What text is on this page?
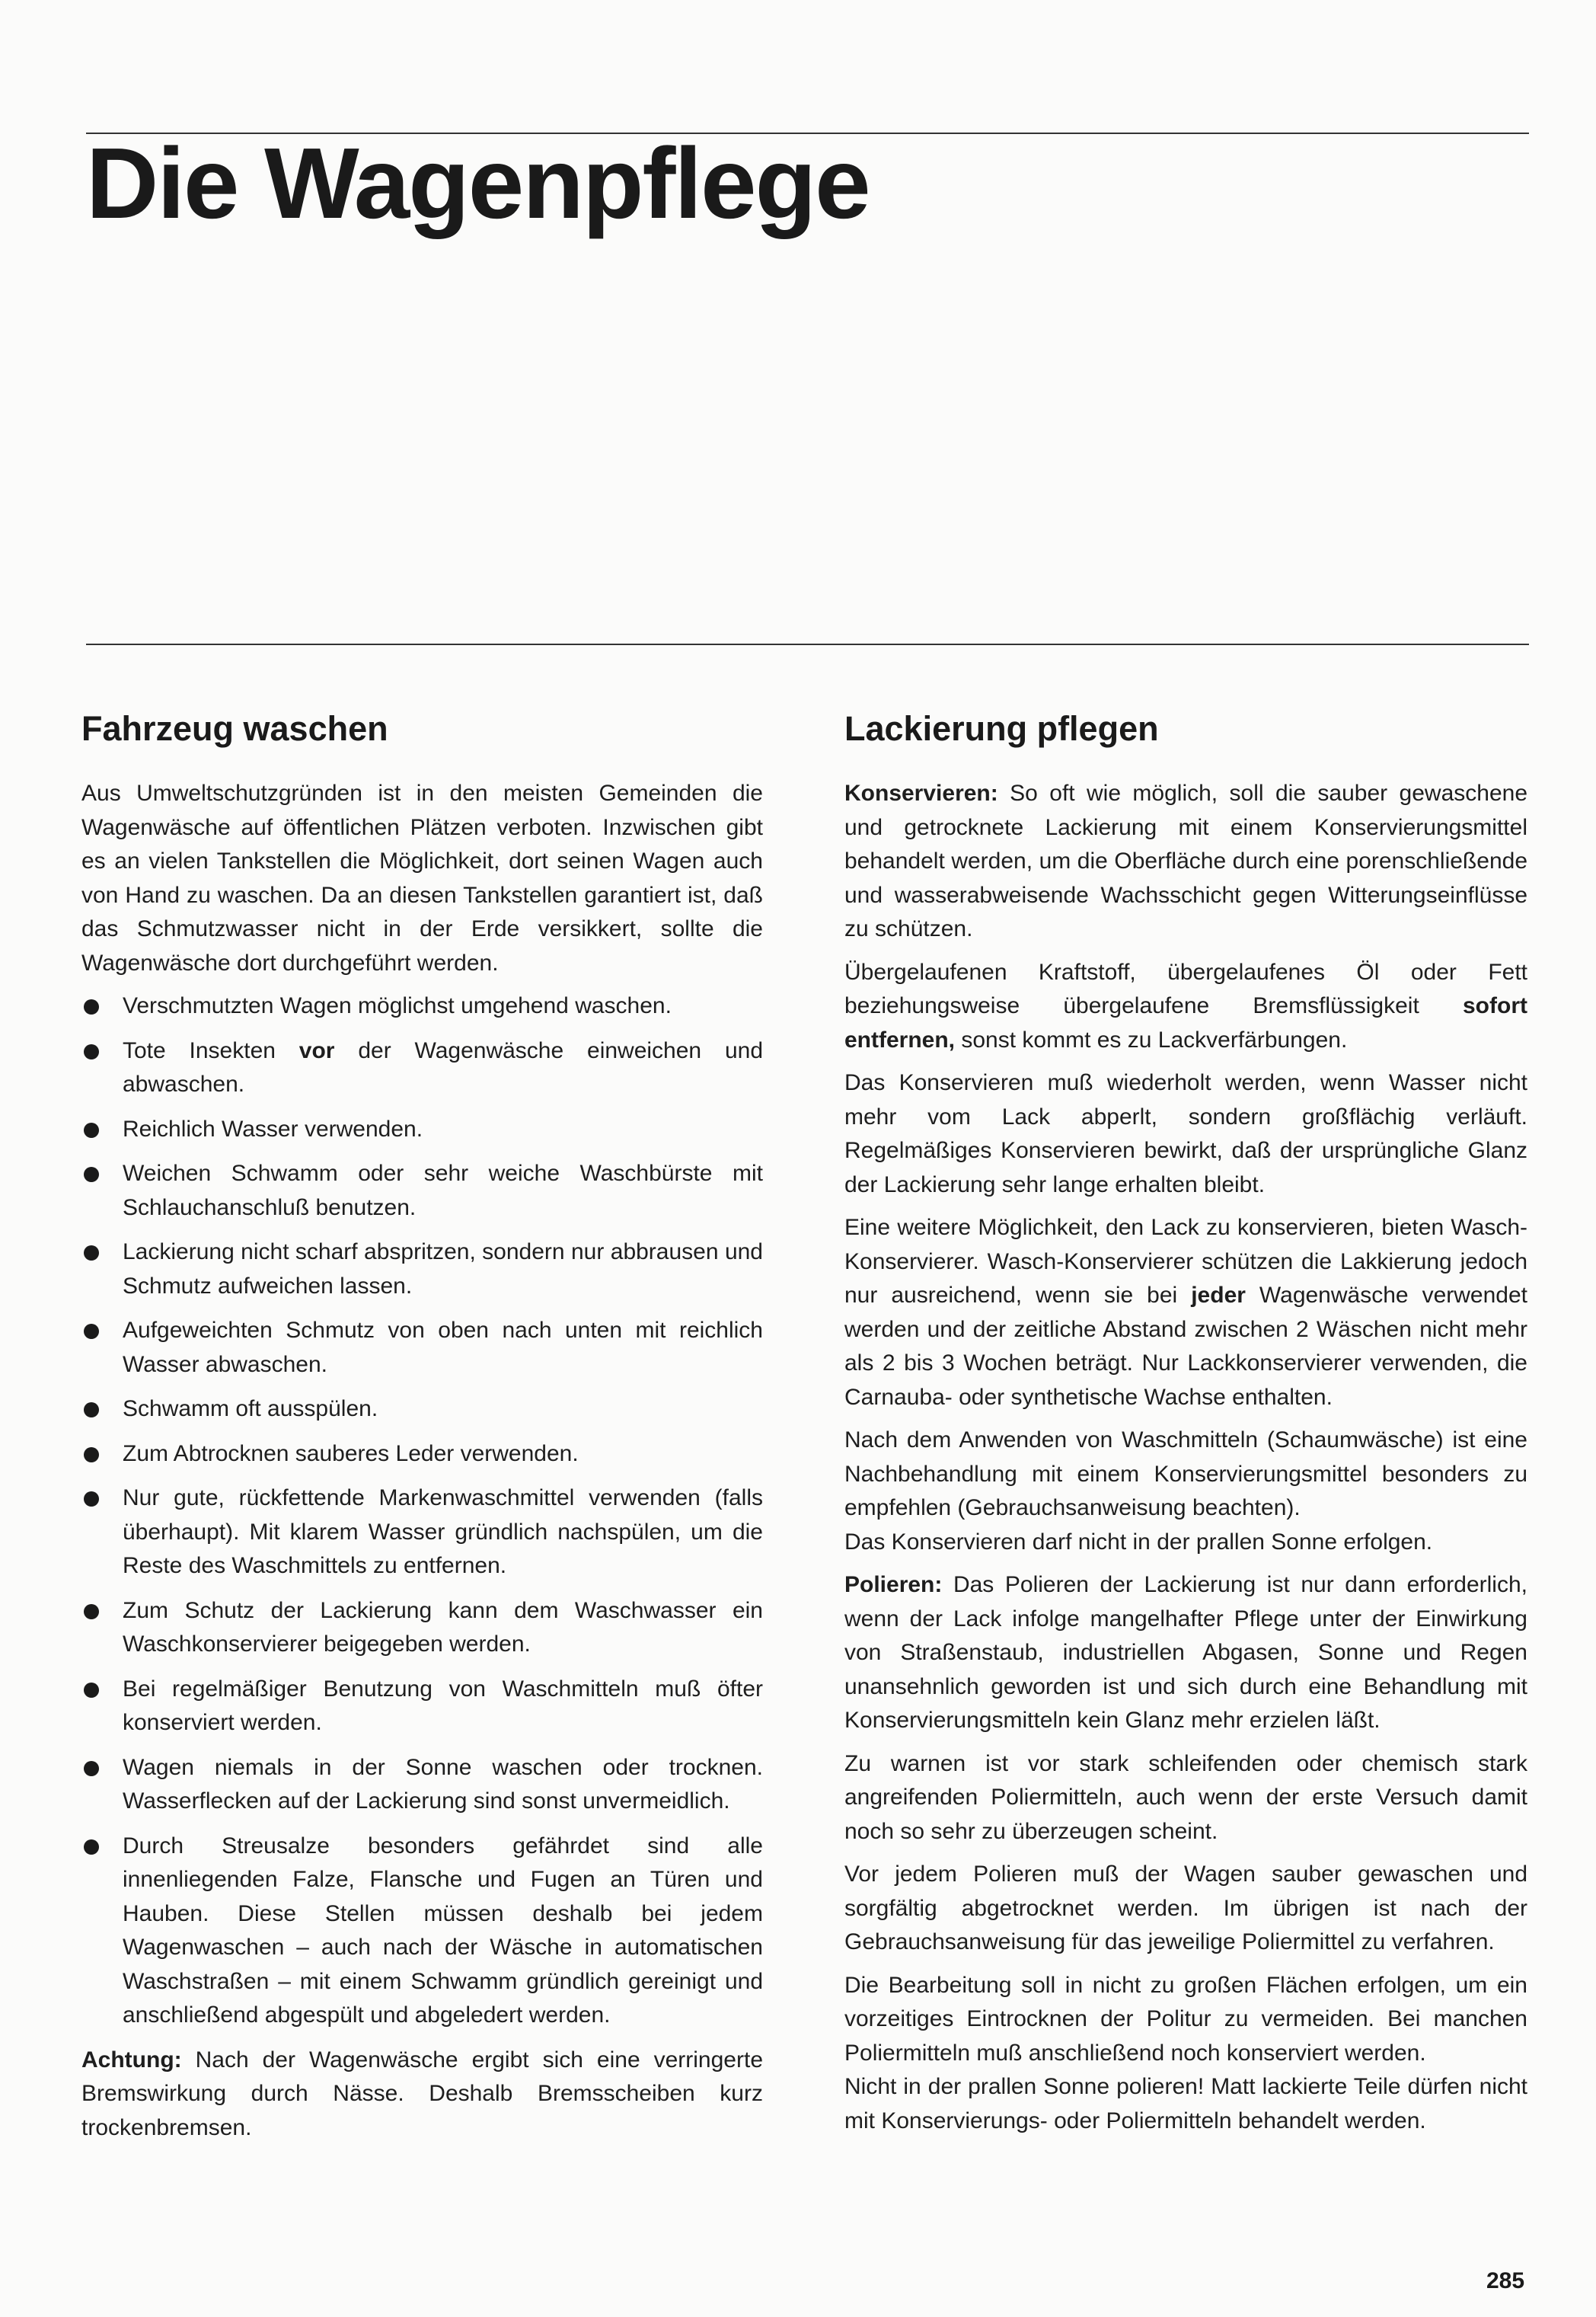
Die Wagenpflege
Fahrzeug waschen

Aus Umweltschutzgründen ist in den meisten Gemeinden die Wagenwäsche auf öffentlichen Plätzen verboten. Inzwischen gibt es an vielen Tankstellen die Möglichkeit, dort seinen Wagen auch von Hand zu waschen. Da an diesen Tankstellen garantiert ist, daß das Schmutzwasser nicht in der Erde versikkert, sollte die Wagenwäsche dort durchgeführt werden.

Verschmutzten Wagen möglichst umgehend waschen.
Tote Insekten vor der Wagenwäsche einweichen und abwaschen.
Reichlich Wasser verwenden.
Weichen Schwamm oder sehr weiche Waschbürste mit Schlauchanschluß benutzen.
Lackierung nicht scharf abspritzen, sondern nur abbrausen und Schmutz aufweichen lassen.
Aufgeweichten Schmutz von oben nach unten mit reichlich Wasser abwaschen.
Schwamm oft ausspülen.
Zum Abtrocknen sauberes Leder verwenden.
Nur gute, rückfettende Markenwaschmittel verwenden (falls überhaupt). Mit klarem Wasser gründlich nachspülen, um die Reste des Waschmittels zu entfernen.
Zum Schutz der Lackierung kann dem Waschwasser ein Waschkonservierer beigegeben werden.
Bei regelmäßiger Benutzung von Waschmitteln muß öfter konserviert werden.
Wagen niemals in der Sonne waschen oder trocknen. Wasserflecken auf der Lackierung sind sonst unvermeidlich.
Durch Streusalze besonders gefährdet sind alle innenliegenden Falze, Flansche und Fugen an Türen und Hauben. Diese Stellen müssen deshalb bei jedem Wagenwaschen – auch nach der Wäsche in automatischen Waschstraßen – mit einem Schwamm gründlich gereinigt und anschließend abgespült und abgeledert werden.

Achtung: Nach der Wagenwäsche ergibt sich eine verringerte Bremswirkung durch Nässe. Deshalb Bremsscheiben kurz trockenbremsen.

Lackierung pflegen

Konservieren: So oft wie möglich, soll die sauber gewaschene und getrocknete Lackierung mit einem Konservierungsmittel behandelt werden, um die Oberfläche durch eine porenschließende und wasserabweisende Wachsschicht gegen Witterungseinflüsse zu schützen.

Übergelaufenen Kraftstoff, übergelaufenes Öl oder Fett beziehungsweise übergelaufene Bremsflüssigkeit sofort entfernen, sonst kommt es zu Lackverfärbungen.

Das Konservieren muß wiederholt werden, wenn Wasser nicht mehr vom Lack abperlt, sondern großflächig verläuft. Regelmäßiges Konservieren bewirkt, daß der ursprüngliche Glanz der Lackierung sehr lange erhalten bleibt.

Eine weitere Möglichkeit, den Lack zu konservieren, bieten Wasch-Konservierer. Wasch-Konservierer schützen die Lakkierung jedoch nur ausreichend, wenn sie bei jeder Wagenwäsche verwendet werden und der zeitliche Abstand zwischen 2 Wäschen nicht mehr als 2 bis 3 Wochen beträgt. Nur Lackkonservierer verwenden, die Carnauba- oder synthetische Wachse enthalten.

Nach dem Anwenden von Waschmitteln (Schaumwäsche) ist eine Nachbehandlung mit einem Konservierungsmittel besonders zu empfehlen (Gebrauchsanweisung beachten).

Das Konservieren darf nicht in der prallen Sonne erfolgen.

Polieren: Das Polieren der Lackierung ist nur dann erforderlich, wenn der Lack infolge mangelhafter Pflege unter der Einwirkung von Straßenstaub, industriellen Abgasen, Sonne und Regen unansehnlich geworden ist und sich durch eine Behandlung mit Konservierungsmitteln kein Glanz mehr erzielen läßt.

Zu warnen ist vor stark schleifenden oder chemisch stark angreifenden Poliermitteln, auch wenn der erste Versuch damit noch so sehr zu überzeugen scheint.

Vor jedem Polieren muß der Wagen sauber gewaschen und sorgfältig abgetrocknet werden. Im übrigen ist nach der Gebrauchsanweisung für das jeweilige Poliermittel zu verfahren.

Die Bearbeitung soll in nicht zu großen Flächen erfolgen, um ein vorzeitiges Eintrocknen der Politur zu vermeiden. Bei manchen Poliermitteln muß anschließend noch konserviert werden.

Nicht in der prallen Sonne polieren! Matt lackierte Teile dürfen nicht mit Konservierungs- oder Poliermitteln behandelt werden.

285
